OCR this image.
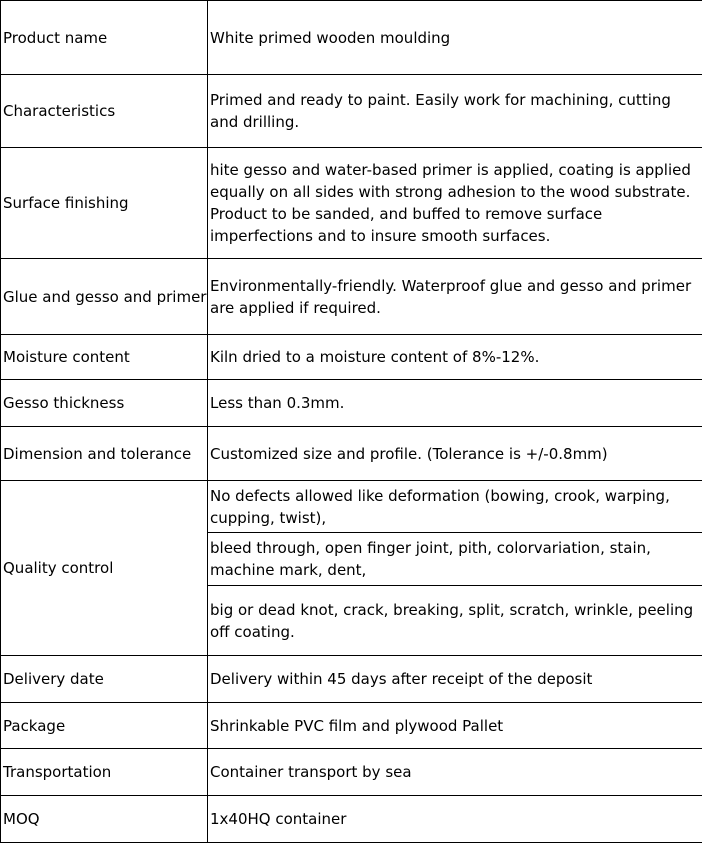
Product name	White primed wooden moulding
Characteristics	Primed and ready to paint. Easily work for machining, cutting and drilling.
Surface finishing	hite gesso and water-based primer is applied, coating is applied equally on all sides with strong adhesion to the wood substrate. Product to be sanded, and buffed to remove surface imperfections and to insure smooth surfaces.
Glue and gesso and primer	Environmentally-friendly. Waterproof glue and gesso and primer are applied if required.
Moisture content	Kiln dried to a moisture content of 8%-12%.
Gesso thickness	Less than 0.3mm.
Dimension and tolerance	Customized size and profile. (Tolerance is +/-0.8mm)
Quality control	No defects allowed like deformation (bowing, crook, warping, cupping, twist),
	bleed through, open finger joint, pith, colorvariation, stain, machine mark, dent,
	big or dead knot, crack, breaking, split, scratch, wrinkle, peeling off coating.
Delivery date	Delivery within 45 days after receipt of the deposit
Package	Shrinkable PVC film and plywood Pallet
Transportation	Container transport by sea
MOQ	1x40HQ container
